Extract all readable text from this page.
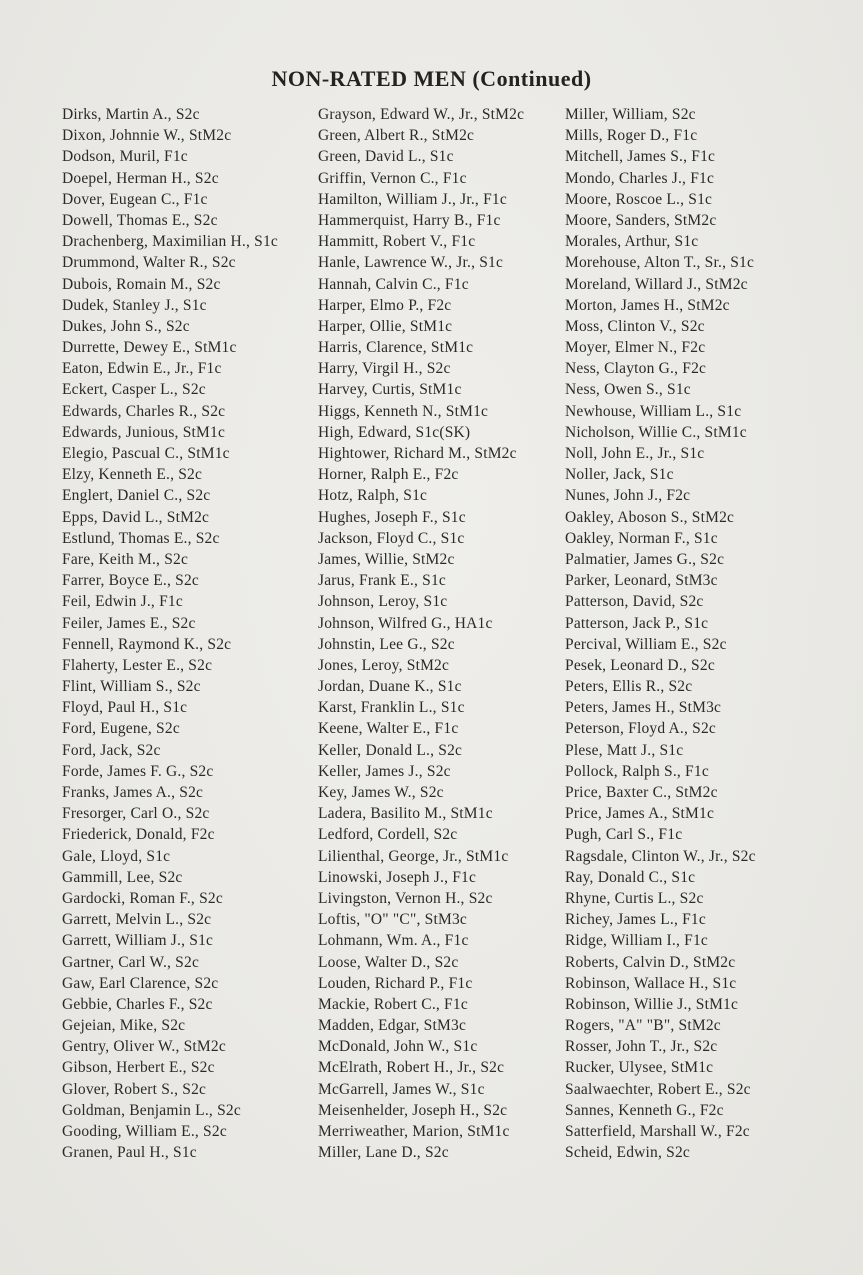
NON-RATED MEN (Continued)
Dirks, Martin A., S2c
Dixon, Johnnie W., StM2c
Dodson, Muril, F1c
Doepel, Herman H., S2c
Dover, Eugean C., F1c
Dowell, Thomas E., S2c
Drachenberg, Maximilian H., S1c
Drummond, Walter R., S2c
Dubois, Romain M., S2c
Dudek, Stanley J., S1c
Dukes, John S., S2c
Durrette, Dewey E., StM1c
Eaton, Edwin E., Jr., F1c
Eckert, Casper L., S2c
Edwards, Charles R., S2c
Edwards, Junious, StM1c
Elegio, Pascual C., StM1c
Elzy, Kenneth E., S2c
Englert, Daniel C., S2c
Epps, David L., StM2c
Estlund, Thomas E., S2c
Fare, Keith M., S2c
Farrer, Boyce E., S2c
Feil, Edwin J., F1c
Feiler, James E., S2c
Fennell, Raymond K., S2c
Flaherty, Lester E., S2c
Flint, William S., S2c
Floyd, Paul H., S1c
Ford, Eugene, S2c
Ford, Jack, S2c
Forde, James F. G., S2c
Franks, James A., S2c
Fresorger, Carl O., S2c
Friederick, Donald, F2c
Gale, Lloyd, S1c
Gammill, Lee, S2c
Gardocki, Roman F., S2c
Garrett, Melvin L., S2c
Garrett, William J., S1c
Gartner, Carl W., S2c
Gaw, Earl Clarence, S2c
Gebbie, Charles F., S2c
Gejeian, Mike, S2c
Gentry, Oliver W., StM2c
Gibson, Herbert E., S2c
Glover, Robert S., S2c
Goldman, Benjamin L., S2c
Gooding, William E., S2c
Granen, Paul H., S1c
Grayson, Edward W., Jr., StM2c
Green, Albert R., StM2c
Green, David L., S1c
Griffin, Vernon C., F1c
Hamilton, William J., Jr., F1c
Hammerquist, Harry B., F1c
Hammitt, Robert V., F1c
Hanle, Lawrence W., Jr., S1c
Hannah, Calvin C., F1c
Harper, Elmo P., F2c
Harper, Ollie, StM1c
Harris, Clarence, StM1c
Harry, Virgil H., S2c
Harvey, Curtis, StM1c
Higgs, Kenneth N., StM1c
High, Edward, S1c(SK)
Hightower, Richard M., StM2c
Horner, Ralph E., F2c
Hotz, Ralph, S1c
Hughes, Joseph F., S1c
Jackson, Floyd C., S1c
James, Willie, StM2c
Jarus, Frank E., S1c
Johnson, Leroy, S1c
Johnson, Wilfred G., HA1c
Johnstin, Lee G., S2c
Jones, Leroy, StM2c
Jordan, Duane K., S1c
Karst, Franklin L., S1c
Keene, Walter E., F1c
Keller, Donald L., S2c
Keller, James J., S2c
Key, James W., S2c
Ladera, Basilito M., StM1c
Ledford, Cordell, S2c
Lilienthal, George, Jr., StM1c
Linowski, Joseph J., F1c
Livingston, Vernon H., S2c
Loftis, "O" "C", StM3c
Lohmann, Wm. A., F1c
Loose, Walter D., S2c
Louden, Richard P., F1c
Mackie, Robert C., F1c
Madden, Edgar, StM3c
McDonald, John W., S1c
McElrath, Robert H., Jr., S2c
McGarrell, James W., S1c
Meisenhelder, Joseph H., S2c
Merriweather, Marion, StM1c
Miller, Lane D., S2c
Miller, William, S2c
Mills, Roger D., F1c
Mitchell, James S., F1c
Mondo, Charles J., F1c
Moore, Roscoe L., S1c
Moore, Sanders, StM2c
Morales, Arthur, S1c
Morehouse, Alton T., Sr., S1c
Moreland, Willard J., StM2c
Morton, James H., StM2c
Moss, Clinton V., S2c
Moyer, Elmer N., F2c
Ness, Clayton G., F2c
Ness, Owen S., S1c
Newhouse, William L., S1c
Nicholson, Willie C., StM1c
Noll, John E., Jr., S1c
Noller, Jack, S1c
Nunes, John J., F2c
Oakley, Aboson S., StM2c
Oakley, Norman F., S1c
Palmatier, James G., S2c
Parker, Leonard, StM3c
Patterson, David, S2c
Patterson, Jack P., S1c
Percival, William E., S2c
Pesek, Leonard D., S2c
Peters, Ellis R., S2c
Peters, James H., StM3c
Peterson, Floyd A., S2c
Plese, Matt J., S1c
Pollock, Ralph S., F1c
Price, Baxter C., StM2c
Price, James A., StM1c
Pugh, Carl S., F1c
Ragsdale, Clinton W., Jr., S2c
Ray, Donald C., S1c
Rhyne, Curtis L., S2c
Richey, James L., F1c
Ridge, William I., F1c
Roberts, Calvin D., StM2c
Robinson, Wallace H., S1c
Robinson, Willie J., StM1c
Rogers, "A" "B", StM2c
Rosser, John T., Jr., S2c
Rucker, Ulysee, StM1c
Saalwaechter, Robert E., S2c
Sannes, Kenneth G., F2c
Satterfield, Marshall W., F2c
Scheid, Edwin, S2c
